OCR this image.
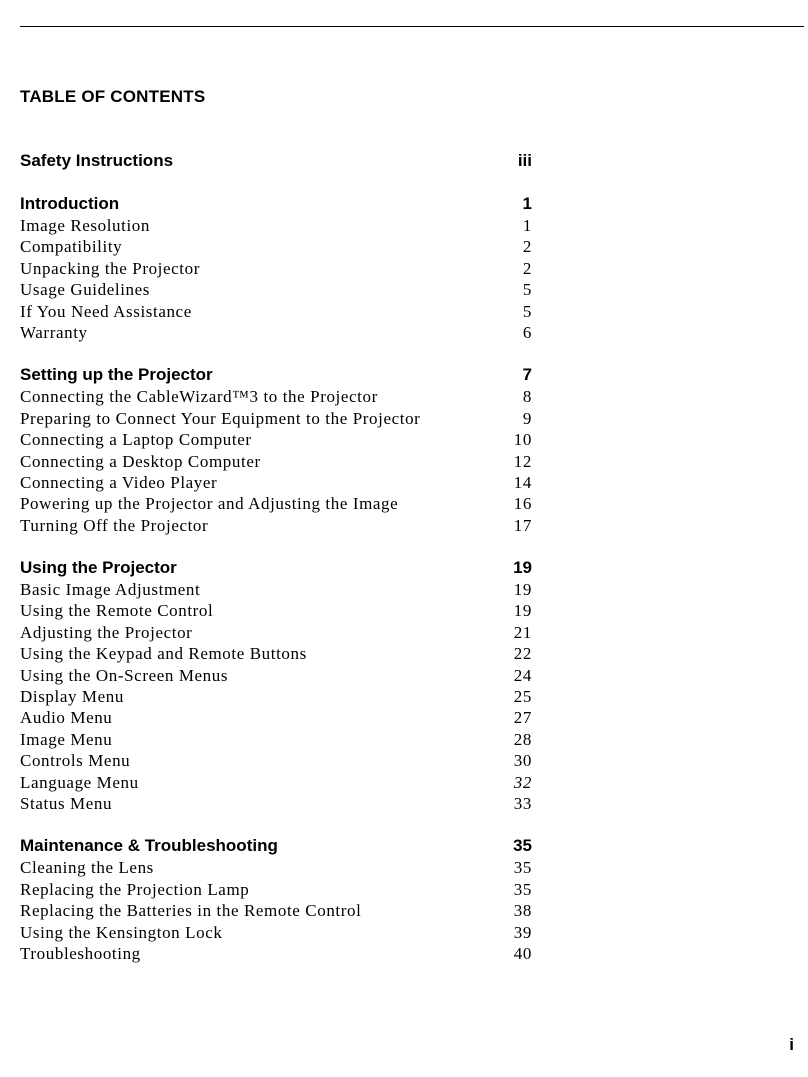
TABLE OF CONTENTS
Safety Instructions	iii
Introduction	1
Image Resolution	1
Compatibility	2
Unpacking the Projector	2
Usage Guidelines	5
If You Need Assistance	5
Warranty	6
Setting up the Projector	7
Connecting the CableWizard™3 to the Projector	8
Preparing to Connect Your Equipment to the Projector	9
Connecting a Laptop Computer	10
Connecting a Desktop Computer	12
Connecting a Video Player	14
Powering up the Projector and Adjusting the Image	16
Turning Off the Projector	17
Using the Projector	19
Basic Image Adjustment	19
Using the Remote Control	19
Adjusting the Projector	21
Using the Keypad and Remote Buttons	22
Using the On-Screen Menus	24
Display Menu	25
Audio Menu	27
Image Menu	28
Controls Menu	30
Language Menu	32
Status Menu	33
Maintenance & Troubleshooting	35
Cleaning the Lens	35
Replacing the Projection Lamp	35
Replacing the Batteries in the Remote Control	38
Using the Kensington Lock	39
Troubleshooting	40
i
